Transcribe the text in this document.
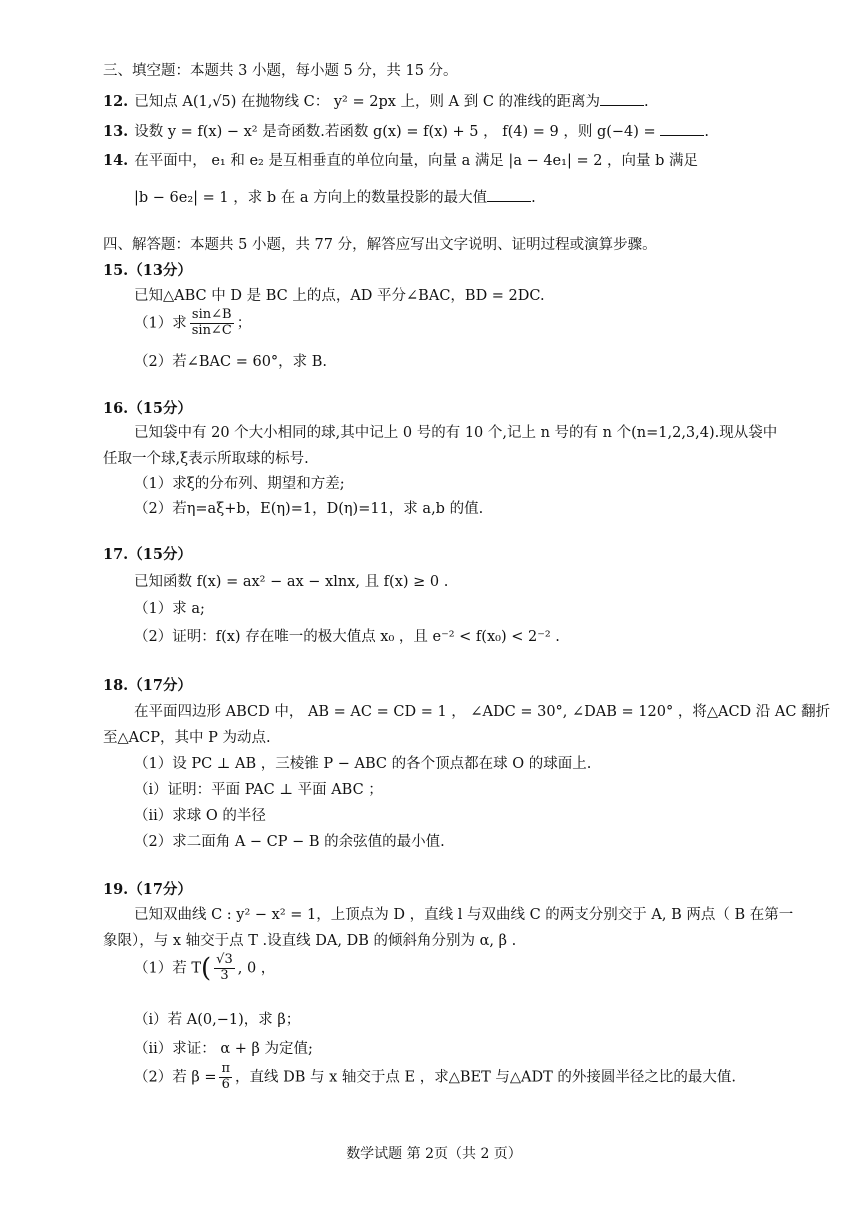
三、填空题：本题共 3 小题，每小题 5 分，共 15 分。
12. 已知点 A(1,√5) 在抛物线 C： y² = 2px 上，则 A 到 C 的准线的距离为	.
13. 设数 y = f(x) − x² 是奇函数.若函数 g(x) = f(x) + 5 ， f(4) = 9 ，则 g(−4) =	.
14. 在平面中， e₁ 和 e₂ 是互相垂直的单位向量，向量 a 满足 |a − 4e₁| = 2 ，向量 b 满足
|b − 6e₂| = 1 ，求 b 在 a 方向上的数量投影的最大值	.
四、解答题：本题共 5 小题，共 77 分，解答应写出文字说明、证明过程或演算步骤。
15.（13分）
已知△ABC 中 D 是 BC 上的点，AD 平分∠BAC，BD = 2DC.
（1）求 $\frac{\sin\angle B}{\sin\angle C}$ ；
（2）若∠BAC = 60°，求 B.
16.（15分）
已知袋中有 20 个大小相同的球,其中记上 0 号的有 10 个,记上 n 号的有 n 个(n=1,2,3,4).现从袋中
任取一个球,ξ表示所取球的标号.
（1）求ξ的分布列、期望和方差;
（2）若η=aξ+b，E(η)=1，D(η)=11，求 a,b 的值.
17.（15分）
已知函数 f(x) = ax² − ax − xlnx, 且 f(x) ≥ 0 .
（1）求 a;
（2）证明：f(x) 存在唯一的极大值点 x₀ ，且 e⁻² < f(x₀) < 2⁻² .
18.（17分）
在平面四边形 ABCD 中， AB = AC = CD = 1 ， ∠ADC = 30°, ∠DAB = 120° ，将△ACD 沿 AC 翻折
至△ACP，其中 P 为动点.
（1）设 PC ⊥ AB ，三棱锥 P − ABC 的各个顶点都在球 O 的球面上.
（ⅰ）证明：平面 PAC ⊥ 平面 ABC ；
（ⅱ）求球 O 的半径
（2）求二面角 A − CP − B 的余弦值的最小值.
19.（17分）
已知双曲线 C : y² − x² = 1，上顶点为 D ，直线 l 与双曲线 C 的两支分别交于 A, B 两点（ B 在第一
象限），与 x 轴交于点 T .设直线 DA, DB 的倾斜角分别为 α, β .
（1）若 $T( \frac{√3}{3}$ , 0 ，
（ⅰ）若 A(0,−1)，求 β；
（ⅱ）求证： α + β 为定值;
（2）若 $\beta = \frac{\pi}{6}$ ，直线 DB 与 x 轴交于点 E ，求△BET 与△ADT 的外接圆半径之比的最大值.
数学试题 第 2页（共 2 页）
